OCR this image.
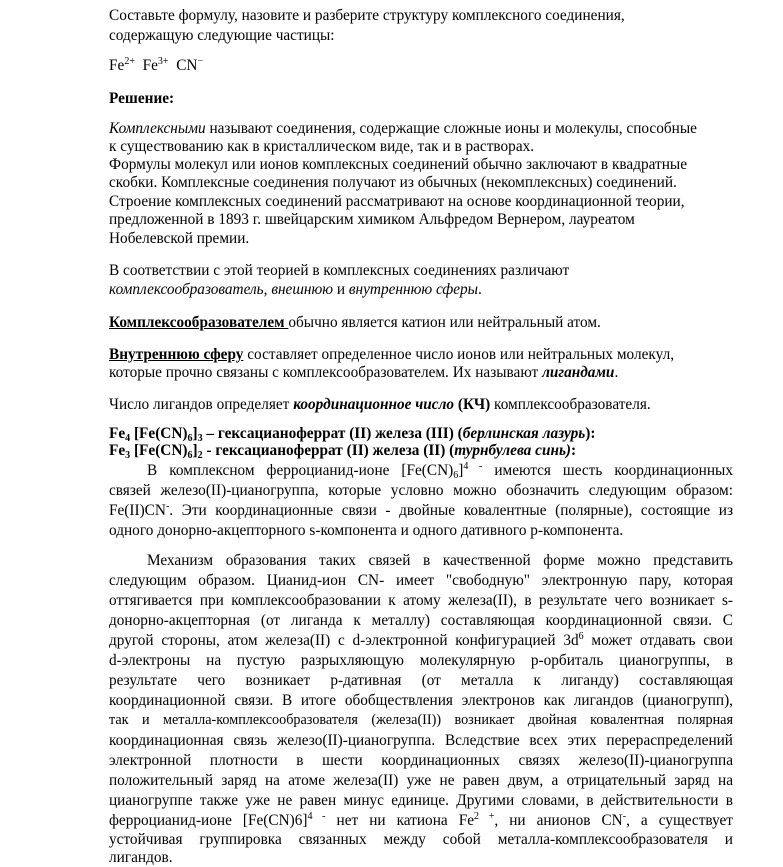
Составьте формулу, назовите и разберите структуру комплексного соединения,
содержащую следующие частицы:
$Fe^{2+}$ $Fe^{3+}$ CN−
Решение:
Комплексными называют соединения, содержащие сложные ионы и молекулы, способные
к существованию как в кристаллическом виде, так и в растворах.
Формулы молекул или ионов комплексных соединений обычно заключают в квадратные
скобки. Комплексные соединения получают из обычных (некомплексных) соединений.
Строение комплексных соединений рассматривают на основе координационной теории,
предложенной в 1893 г. швейцарским химиком Альфредом Вернером, лауреатом
Нобелевской премии.
В соответствии с этой теорией в комплексных соединениях различают
комплексообразователь, внешнюю и внутреннюю сферы.
Комплексообразователем обычно является катион или нейтральный атом.
Внутреннюю сферу составляет определенное число ионов или нейтральных молекул,
которые прочно связаны с комплексообразователем. Их называют лигандами.
Число лигандов определяет координационное число (КЧ) комплексообразователя.
$Fe_4$ $[Fe(CN)_6]_3$ – гексацианоферрат (II) железа (III) (берлинская лазурь):
$Fe_3$ $[Fe(CN)_6]_2$ - гексацианоферрат (II) железа (II) (турнбулева синь):
В комплексном ферроцианид-ионе $[Fe(CN)_6]^{4 -}$ имеются шесть координационных
связей железо(II)-цианогруппа, которые условно можно обозначить следующим образом:
Fe(II)CN-. Эти координационные связи - двойные ковалентные (полярные), состоящие из
одного донорно-акцепторного s-компонента и одного дативного p-компонента.
Механизм образования таких связей в качественной форме можно представить
следующим образом. Цианид-ион CN- имеет "свободную" электронную пару, которая
оттягивается при комплексообразовании к атому железа(II), в результате чего возникает s-
донорно-акцепторная (от лиганда к металлу) составляющая координационной связи. С
другой стороны, атом железа(II) с d-электронной конфигурацией $3d^6$ может отдавать свои
d-электроны на пустую разрыхляющую молекулярную p-орбиталь цианогруппы, в
результате чего возникает p-дативная (от металла к лиганду) составляющая
координационной связи. В итоге обобществления электронов как лигандов (цианогрупп),
так и металла-комплексообразователя (железа(II)) возникает двойная ковалентная полярная
координационная связь железо(II)-цианогруппа. Вследствие всех этих перераспределений
электронной плотности в шести координационных связях железо(II)-цианогруппа
положительный заряд на атоме железа(II) уже не равен двум, а отрицательный заряд на
цианогруппе также уже не равен минус единице. Другими словами, в действительности в
ферроцианид-ионе $[Fe(CN)6]^{4 -}$ нет ни катиона $Fe^{2 +}$, ни анионов CN-, а существует
устойчивая группировка связанных между собой металла-комплексообразователя и
лигандов.
